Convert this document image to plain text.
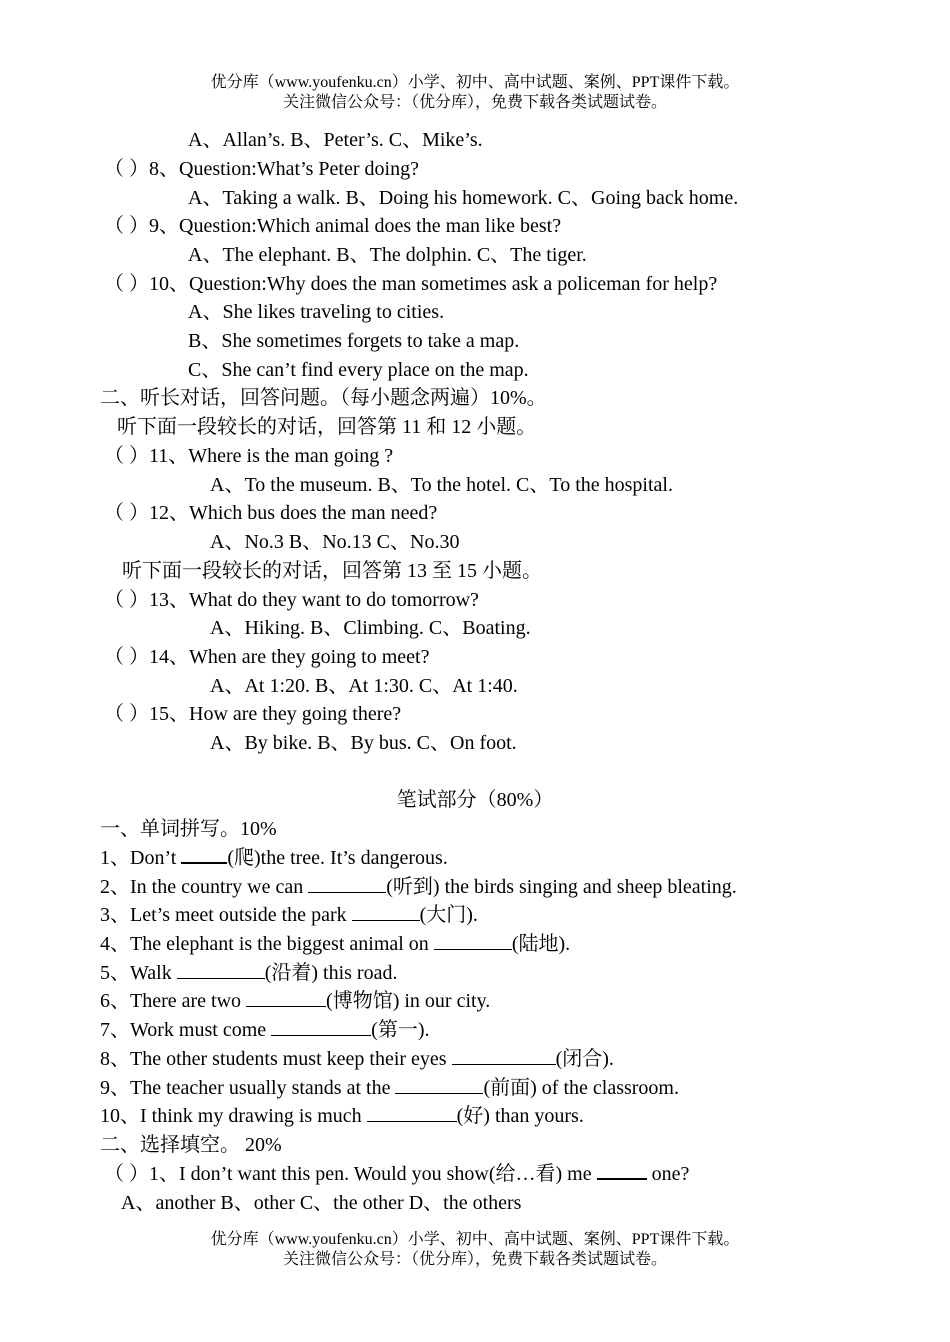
优分库（www.youfenku.cn）小学、初中、高中试题、案例、PPT课件下载。
关注微信公众号：（优分库），免费下载各类试题试卷。
A、Allan’s. B、Peter’s. C、Mike’s.
（ ）8、Question:What’s Peter doing?
A、Taking a walk. B、Doing his homework. C、Going back home.
（ ）9、Question:Which animal does the man like best?
A、The elephant. B、The dolphin. C、The tiger.
（ ）10、Question:Why does the man sometimes ask a policeman for help?
A、She likes traveling to cities.
B、She sometimes forgets to take a map.
C、She can’t find every place on the map.
二、听长对话，回答问题。（每小题念两遍）10%。
听下面一段较长的对话，回答第 11 和 12 小题。
（ ）11、Where is the man going ?
A、To the museum. B、To the hotel. C、To the hospital.
（ ）12、Which bus does the man need?
A、No.3 B、No.13 C、No.30
听下面一段较长的对话，回答第 13 至 15 小题。
（ ）13、What do they want to do tomorrow?
A、Hiking. B、Climbing. C、Boating.
（ ）14、When are they going to meet?
A、At 1:20. B、At 1:30. C、At 1:40.
（ ）15、How are they going there?
A、By bike. B、By bus. C、On foot.
笔试部分（80%）
一、单词拼写。10%
1、Don’t (爬)the tree. It’s dangerous.
2、In the country we can	(听到) the birds singing and sheep bleating.
3、Let’s meet outside the park	(大门).
4、The elephant is the biggest animal on	(陆地).
5、Walk	(沿着) this road.
6、There are two	(博物馆) in our city.
7、Work must come	(第一).
8、The other students must keep their eyes	(闭合).
9、The teacher usually stands at the	(前面) of the classroom.
10、I think my drawing is much	(好) than yours.
二、选择填空。 20%
（ ）1、I don’t want this pen. Would you show(给…看) me	one?
A、another B、other C、the other D、the others
优分库（www.youfenku.cn）小学、初中、高中试题、案例、PPT课件下载。
关注微信公众号：（优分库），免费下载各类试题试卷。
